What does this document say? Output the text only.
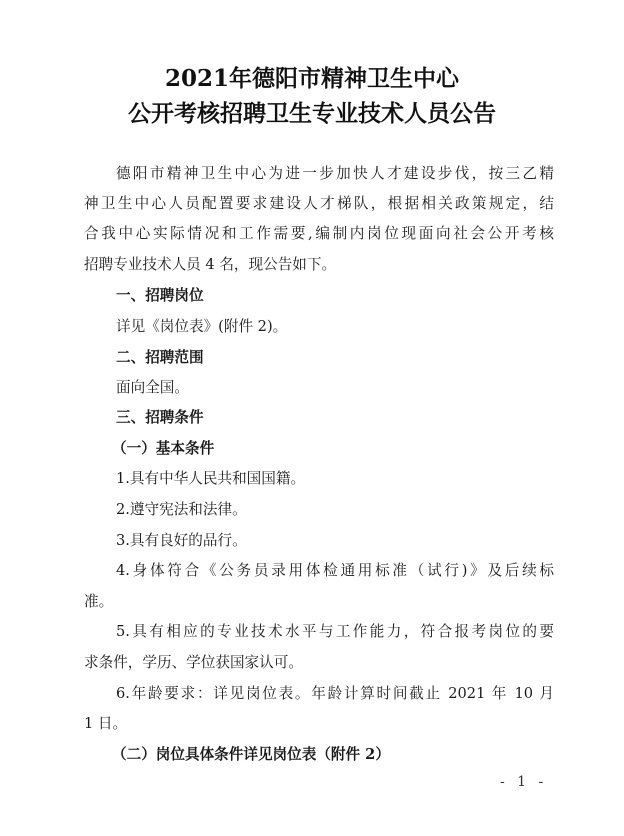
2021年德阳市精神卫生中心
公开考核招聘卫生专业技术人员公告
德阳市精神卫生中心为进一步加快人才建设步伐，按三乙精
神卫生中心人员配置要求建设人才梯队，根据相关政策规定，结
合我中心实际情况和工作需要,编制内岗位现面向社会公开考核
招聘专业技术人员 4 名，现公告如下。
一、招聘岗位
详见《岗位表》(附件 2)。
二、招聘范围
面向全国。
三、招聘条件
（一）基本条件
1.具有中华人民共和国国籍。
2.遵守宪法和法律。
3.具有良好的品行。
4.身体符合《公务员录用体检通用标准（试行)》及后续标
准。
5.具有相应的专业技术水平与工作能力，符合报考岗位的要
求条件，学历、学位获国家认可。
6.年龄要求：详见岗位表。年龄计算时间截止 2021 年 10 月
1 日。
（二）岗位具体条件详见岗位表（附件 2）
- 1 -
